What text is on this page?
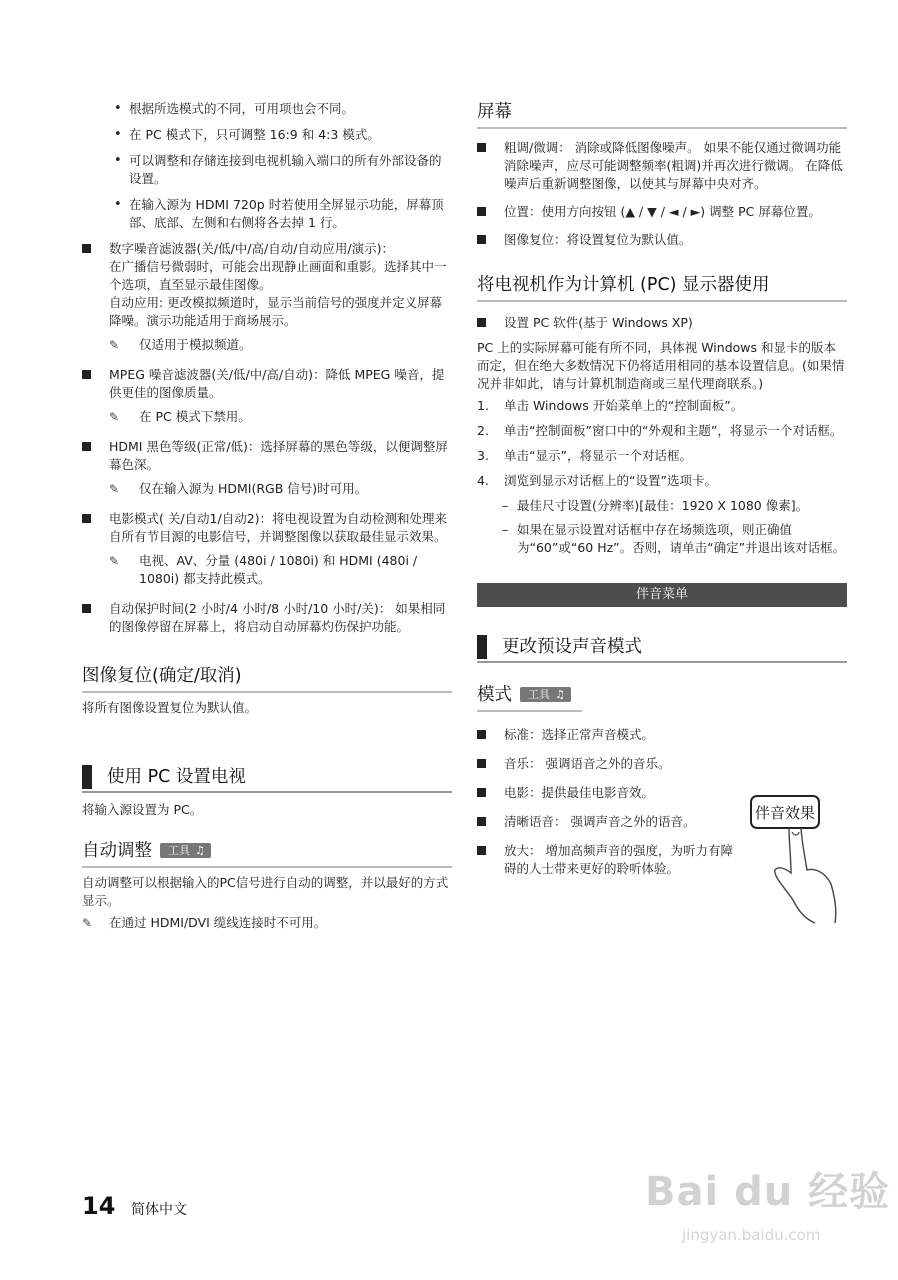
• 根据所选模式的不同，可用项也会不同。
• 在 PC 模式下，只可调整 16:9 和 4:3 模式。
• 可以调整和存储连接到电视机输入端口的所有外部设备的设置。
• 在输入源为 HDMI 720p 时若使用全屏显示功能，屏幕顶部、底部、左侧和右侧将各去掉 1 行。
数字噪音滤波器(关/低/中/高/自动/自动应用/演示)：
在广播信号微弱时，可能会出现静止画面和重影。选择其中一个选项，直至显示最佳图像。
自动应用: 更改模拟频道时，显示当前信号的强度并定义屏幕降噪。演示功能适用于商场展示。
✎ 仅适用于模拟频道。
MPEG 噪音滤波器(关/低/中/高/自动)：降低 MPEG 噪音，提供更佳的图像质量。
✎ 在 PC 模式下禁用。
HDMI 黑色等级(正常/低)：选择屏幕的黑色等级，以便调整屏幕色深。
✎ 仅在输入源为 HDMI(RGB 信号)时可用。
电影模式( 关/自动1/自动2)：将电视设置为自动检测和处理来自所有节目源的电影信号，并调整图像以获取最佳显示效果。
✎ 电视、AV、分量 (480i / 1080i) 和 HDMI (480i / 1080i) 都支持此模式。
自动保护时间(2 小时/4 小时/8 小时/10 小时/关)： 如果相同的图像停留在屏幕上，将启动自动屏幕灼伤保护功能。
图像复位(确定/取消)
将所有图像设置复位为默认值。
使用 PC 设置电视
将输入源设置为 PC。
自动调整 工具 ♫
自动调整可以根据输入的PC信号进行自动的调整，并以最好的方式显示。
✎ 在通过 HDMI/DVI 缆线连接时不可用。
屏幕
粗调/微调： 消除或降低图像噪声。 如果不能仅通过微调功能消除噪声，应尽可能调整频率(粗调)并再次进行微调。 在降低噪声后重新调整图像，以使其与屏幕中央对齐。
位置：使用方向按钮 (▲ / ▼ / ◄ / ►) 调整 PC 屏幕位置。
图像复位：将设置复位为默认值。
将电视机作为计算机 (PC) 显示器使用
设置 PC 软件(基于 Windows XP)
PC 上的实际屏幕可能有所不同，具体视 Windows 和显卡的版本而定，但在绝大多数情况下仍将适用相同的基本设置信息。(如果情况并非如此，请与计算机制造商或三星代理商联系。)
1. 单击 Windows 开始菜单上的“控制面板”。
2. 单击“控制面板”窗口中的“外观和主题”，将显示一个对话框。
3. 单击“显示”，将显示一个对话框。
4. 浏览到显示对话框上的“设置”选项卡。
– 最佳尺寸设置(分辨率)[最佳：1920 X 1080 像素]。
– 如果在显示设置对话框中存在场频选项，则正确值为“60”或“60 Hz”。否则，请单击“确定”并退出该对话框。
伴音菜单
更改预设声音模式
模式 工具 ♫
标准：选择正常声音模式。
音乐： 强调语音之外的音乐。
电影：提供最佳电影音效。
清晰语音： 强调声音之外的语音。
放大： 增加高频声音的强度，为听力有障碍的人士带来更好的聆听体验。
伴音效果
14 简体中文	Bai du 经验
jingyan.baidu.com
